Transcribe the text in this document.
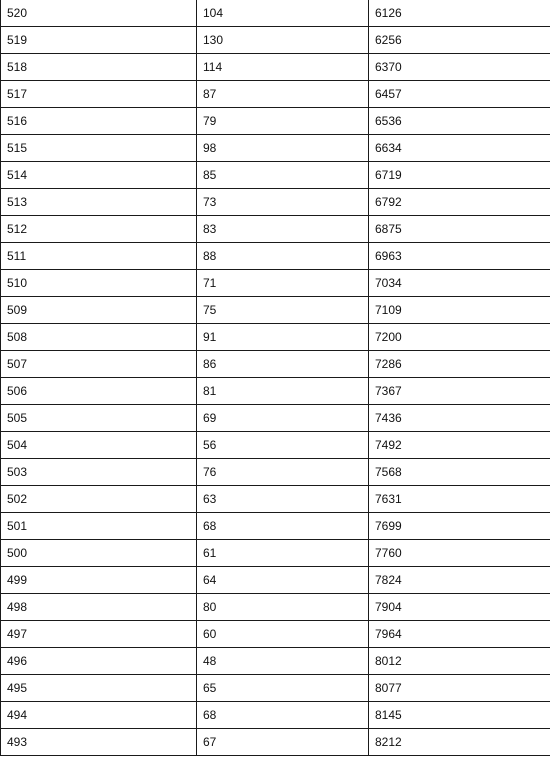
520	104	6126
519	130	6256
518	114	6370
517	87	6457
516	79	6536
515	98	6634
514	85	6719
513	73	6792
512	83	6875
511	88	6963
510	71	7034
509	75	7109
508	91	7200
507	86	7286
506	81	7367
505	69	7436
504	56	7492
503	76	7568
502	63	7631
501	68	7699
500	61	7760
499	64	7824
498	80	7904
497	60	7964
496	48	8012
495	65	8077
494	68	8145
493	67	8212
